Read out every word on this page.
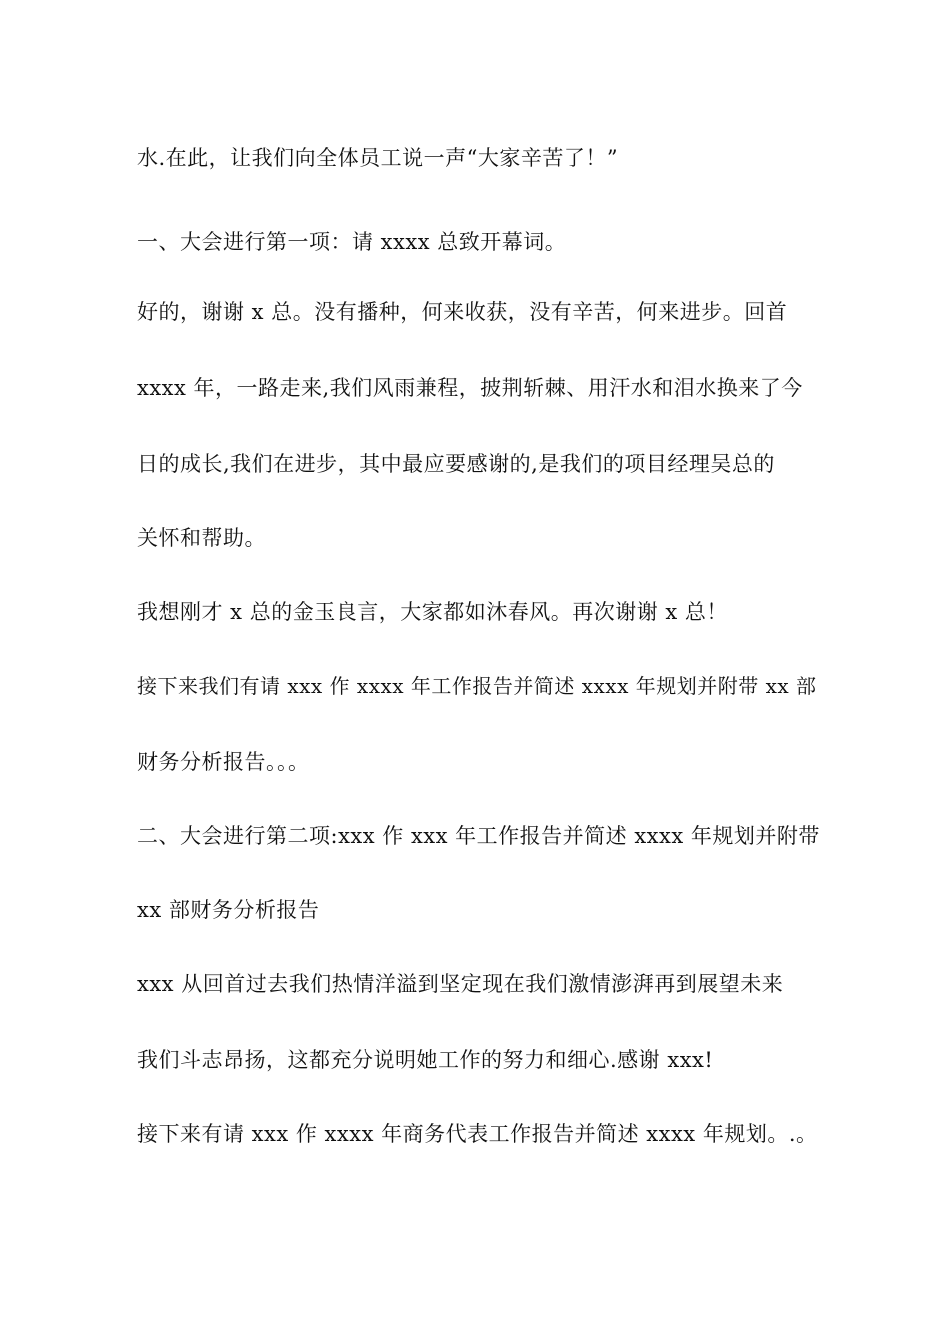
水.在此，让我们向全体员工说一声“大家辛苦了！”
一、大会进行第一项：请 xxxx 总致开幕词。
好的，谢谢 x 总。没有播种，何来收获，没有辛苦，何来进步。回首
xxxx 年，一路走来,我们风雨兼程，披荆斩棘、用汗水和泪水换来了今
日的成长,我们在进步，其中最应要感谢的,是我们的项目经理吴总的
关怀和帮助。
我想刚才 x 总的金玉良言，大家都如沐春风。再次谢谢 x 总！
接下来我们有请 xxx 作 xxxx 年工作报告并简述 xxxx 年规划并附带 xx 部
财务分析报告。。。
二、大会进行第二项:xxx 作 xxx 年工作报告并简述 xxxx 年规划并附带
xx 部财务分析报告
xxx 从回首过去我们热情洋溢到坚定现在我们激情澎湃再到展望未来
我们斗志昂扬，这都充分说明她工作的努力和细心.感谢 xxx!
接下来有请 xxx 作 xxxx 年商务代表工作报告并简述 xxxx 年规划。.。
